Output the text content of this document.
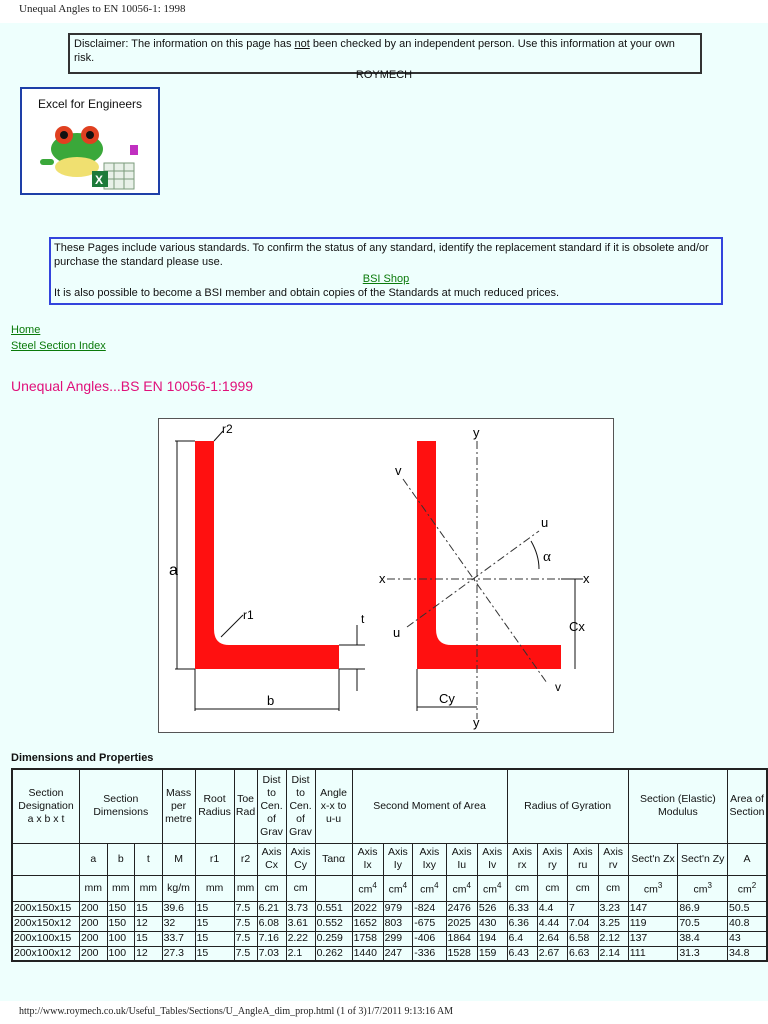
Unequal Angles to EN 10056-1: 1998
Disclaimer: The information on this page has not been checked by an independent person. Use this information at your own risk.
ROYMECH
Excel for Engineers
X
These Pages include various standards. To confirm the status of any standard, identify the replacement standard if it is obsolete and/or purchase the standard please use.
BSI Shop
It is also possible to become a BSI member and obtain copies of the Standards at much reduced prices.
Home
Steel Section Index
Unequal Angles...BS EN 10056-1:1999
a
b
r2
r1	t
y
y
x	x
v
v
u
u
α
Cx
Cy
Dimensions and Properties
Section Designation a x b x t	Section Dimensions			Mass per metre	Root Radius	Toe Rad	Dist to Cen. of Grav	Dist to Cen. of Grav	Angle x-x to u-u	Second Moment of Area					Radius of Gyration				Section (Elastic) Modulus		Area of Section
	a	b	t	M	r1	r2	Axis Cx	Axis Cy	Tanα	Axis Ix	Axis Iy	Axis Ixy	Axis Iu	Axis Iv	Axis rx	Axis ry	Axis ru	Axis rv	Sect'n Zx	Sect'n Zy	A
	mm	mm	mm	kg/m	mm	mm	cm	cm		$cm^4$	$cm^4$	$cm^4$	$cm^4$	$cm^4$	cm	cm	cm	cm	$cm^3$	$cm^3$	$cm^2$
200x150x15	200	150	15	39.6	15	7.5	6.21	3.73	0.551	2022	979	-824	2476	526	6.33	4.4	7	3.23	147	86.9	50.5
200x150x12	200	150	12	32	15	7.5	6.08	3.61	0.552	1652	803	-675	2025	430	6.36	4.44	7.04	3.25	119	70.5	40.8
200x100x15	200	100	15	33.7	15	7.5	7.16	2.22	0.259	1758	299	-406	1864	194	6.4	2.64	6.58	2.12	137	38.4	43
200x100x12	200	100	12	27.3	15	7.5	7.03	2.1	0.262	1440	247	-336	1528	159	6.43	2.67	6.63	2.14	111	31.3	34.8
http://www.roymech.co.uk/Useful_Tables/Sections/U_AngleA_dim_prop.html (1 of 3)1/7/2011 9:13:16 AM
